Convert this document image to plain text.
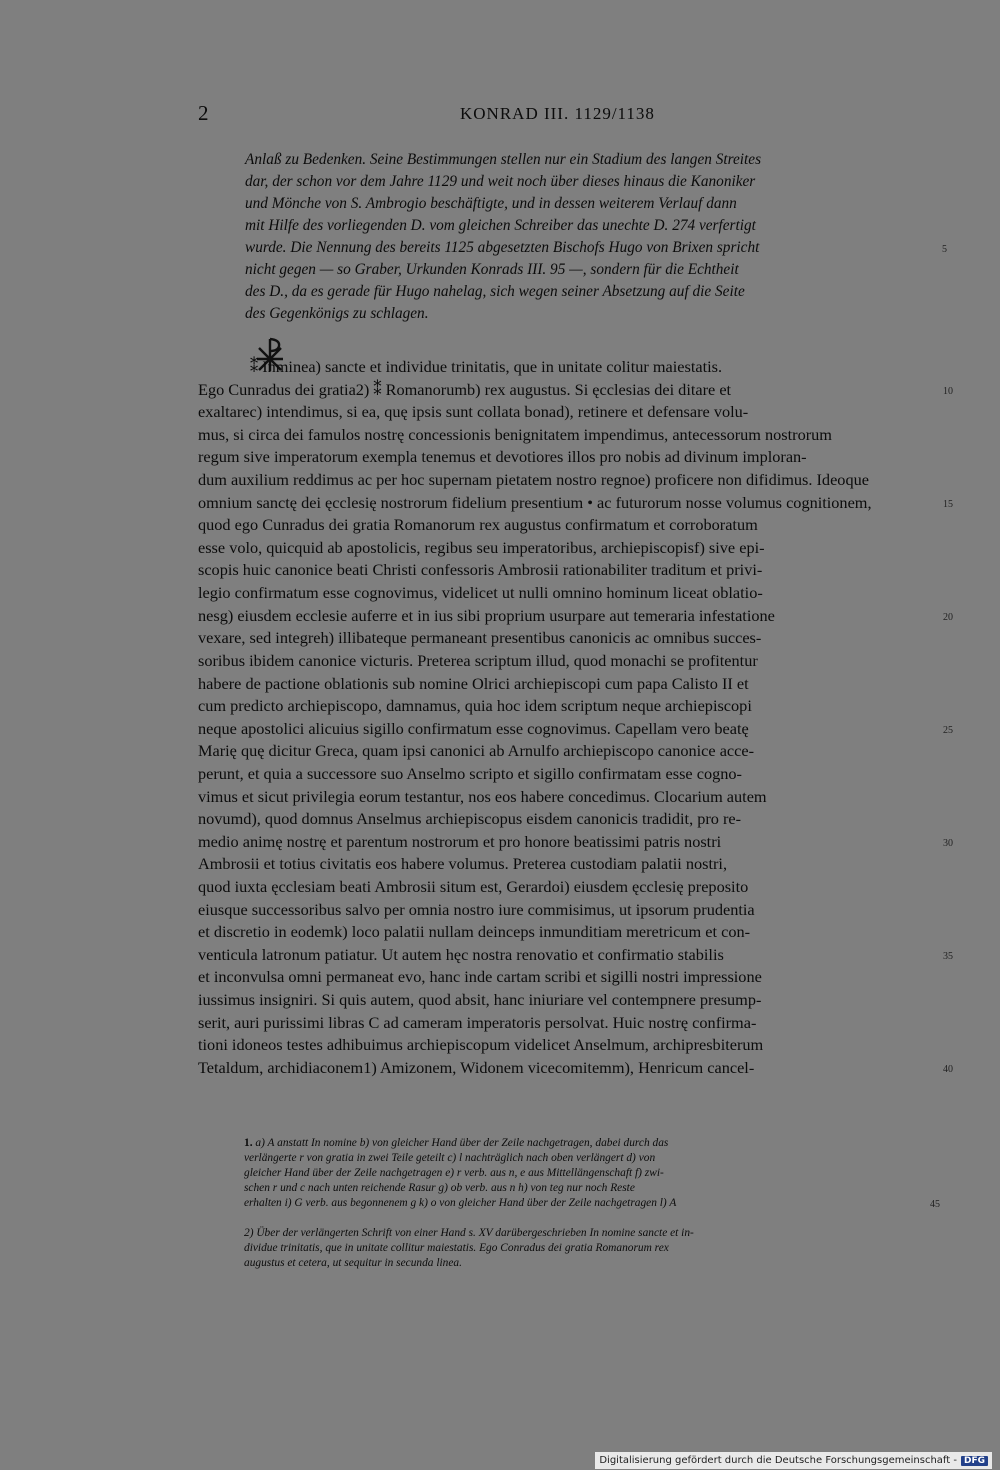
2	KONRAD III. 1129/1138
Anlaß zu Bedenken. Seine Bestimmungen stellen nur ein Stadium des langen Streites
dar, der schon vor dem Jahre 1129 und weit noch über dieses hinaus die Kanoniker
und Mönche von S. Ambrogio beschäftigte, und in dessen weiterem Verlauf dann
mit Hilfe des vorliegenden D. vom gleichen Schreiber das unechte D. 274 verfertigt
wurde. Die Nennung des bereits 1125 abgesetzten Bischofs Hugo von Brixen spricht	5
nicht gegen — so Graber, Urkunden Konrads III. 95 —, sondern für die Echtheit
des D., da es gerade für Hugo nahelag, sich wegen seiner Absetzung auf die Seite
des Gegenkönigs zu schlagen.
⁑ Inminea) sancte et individue trinitatis, que in unitate colitur maiestatis.
Ego Cunradus dei gratia2) ⁑ Romanorumb) rex augustus. Si ęcclesias dei ditare et	10
exaltarec) intendimus, si ea, quę ipsis sunt collata bonad), retinere et defensare volu-
mus, si circa dei famulos nostrę concessionis benignitatem impendimus, antecessorum nostrorum
regum sive imperatorum exempla tenemus et devotiores illos pro nobis ad divinum imploran-
dum auxilium reddimus ac per hoc supernam pietatem nostro regnoe) proficere non difidimus. Ideoque
omnium sanctę dei ęcclesię nostrorum fidelium presentium • ac futurorum nosse volumus cognitionem,	15
quod ego Cunradus dei gratia Romanorum rex augustus confirmatum et corroboratum
esse volo, quicquid ab apostolicis, regibus seu imperatoribus, archiepiscopisf) sive epi-
scopis huic canonice beati Christi confessoris Ambrosii rationabiliter traditum et privi-
legio confirmatum esse cognovimus, videlicet ut nulli omnino hominum liceat oblatio-
nesg) eiusdem ecclesie auferre et in ius sibi proprium usurpare aut temeraria infestatione	20
vexare, sed integreh) illibateque permaneant presentibus canonicis ac omnibus succes-
soribus ibidem canonice victuris. Preterea scriptum illud, quod monachi se profitentur
habere de pactione oblationis sub nomine Olrici archiepiscopi cum papa Calisto II et
cum predicto archiepiscopo, damnamus, quia hoc idem scriptum neque archiepiscopi
neque apostolici alicuius sigillo confirmatum esse cognovimus. Capellam vero beatę	25
Marię quę dicitur Greca, quam ipsi canonici ab Arnulfo archiepiscopo canonice acce-
perunt, et quia a successore suo Anselmo scripto et sigillo confirmatam esse cogno-
vimus et sicut privilegia eorum testantur, nos eos habere concedimus. Clocarium autem
novumd), quod domnus Anselmus archiepiscopus eisdem canonicis tradidit, pro re-
medio animę nostrę et parentum nostrorum et pro honore beatissimi patris nostri	30
Ambrosii et totius civitatis eos habere volumus. Preterea custodiam palatii nostri,
quod iuxta ęcclesiam beati Ambrosii situm est, Gerardoi) eiusdem ęcclesię preposito
eiusque successoribus salvo per omnia nostro iure commisimus, ut ipsorum prudentia
et discretio in eodemk) loco palatii nullam deinceps inmunditiam meretricum et con-
venticula latronum patiatur. Ut autem hęc nostra renovatio et confirmatio stabilis	35
et inconvulsa omni permaneat evo, hanc inde cartam scribi et sigilli nostri impressione
iussimus insigniri. Si quis autem, quod absit, hanc iniuriare vel contempnere presump-
serit, auri purissimi libras C ad cameram imperatoris persolvat. Huic nostrę confirma-
tioni idoneos testes adhibuimus archiepiscopum videlicet Anselmum, archipresbiterum
Tetaldum, archidiaconem1) Amizonem, Widonem vicecomitemm), Henricum cancel-	40
1. a) A anstatt In nomine b) von gleicher Hand über der Zeile nachgetragen, dabei durch das
verlängerte r von gratia in zwei Teile geteilt c) l nachträglich nach oben verlängert d) von
gleicher Hand über der Zeile nachgetragen e) r verb. aus n, e aus Mittellängenschaft f) zwi-
schen r und c nach unten reichende Rasur g) ob verb. aus n h) von teg nur noch Reste
erhalten i) G verb. aus begonnenem g k) o von gleicher Hand über der Zeile nachgetragen l) A	45
2) Über der verlängerten Schrift von einer Hand s. XV darübergeschrieben In nomine sancte et in-
dividue trinitatis, que in unitate collitur maiestatis. Ego Conradus dei gratia Romanorum rex
augustus et cetera, ut sequitur in secunda linea.
Digitalisierung gefördert durch die Deutsche Forschungsgemeinschaft - DFG
